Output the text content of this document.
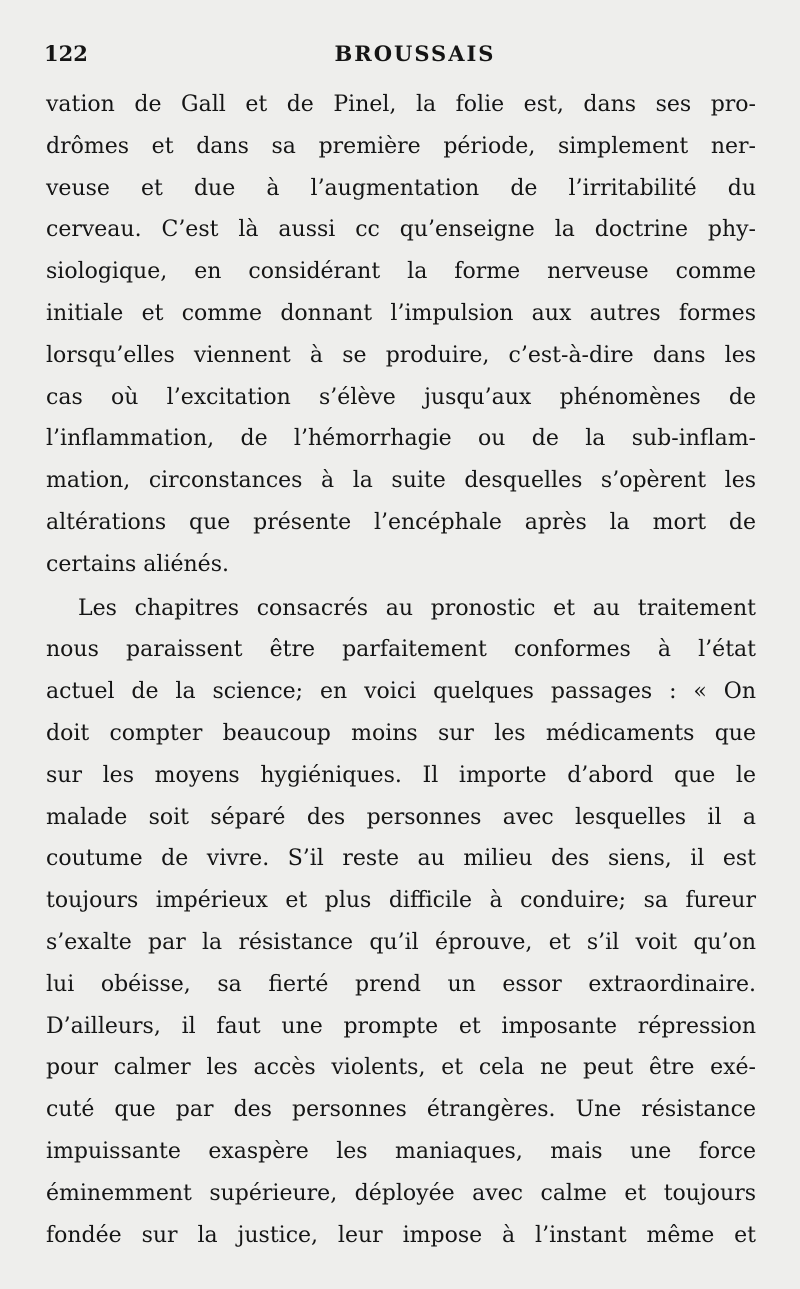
122	BROUSSAIS
vation de Gall et de Pinel, la folie est, dans ses pro-
drômes et dans sa première période, simplement ner-
veuse et due à l’augmentation de l’irritabilité du
cerveau. C’est là aussi cc qu’enseigne la doctrine phy-
siologique, en considérant la forme nerveuse comme
initiale et comme donnant l’impulsion aux autres formes
lorsqu’elles viennent à se produire, c’est-à-dire dans les
cas où l’excitation s’élève jusqu’aux phénomènes de
l’inflammation, de l’hémorrhagie ou de la sub-inflam-
mation, circonstances à la suite desquelles s’opèrent les
altérations que présente l’encéphale après la mort de
certains aliénés.
Les chapitres consacrés au pronostic et au traitement
nous paraissent être parfaitement conformes à l’état
actuel de la science; en voici quelques passages : « On
doit compter beaucoup moins sur les médicaments que
sur les moyens hygiéniques. Il importe d’abord que le
malade soit séparé des personnes avec lesquelles il a
coutume de vivre. S’il reste au milieu des siens, il est
toujours impérieux et plus difficile à conduire; sa fureur
s’exalte par la résistance qu’il éprouve, et s’il voit qu’on
lui obéisse, sa fierté prend un essor extraordinaire.
D’ailleurs, il faut une prompte et imposante répression
pour calmer les accès violents, et cela ne peut être exé-
cuté que par des personnes étrangères. Une résistance
impuissante exaspère les maniaques, mais une force
éminemment supérieure, déployée avec calme et toujours
fondée sur la justice, leur impose à l’instant même et
